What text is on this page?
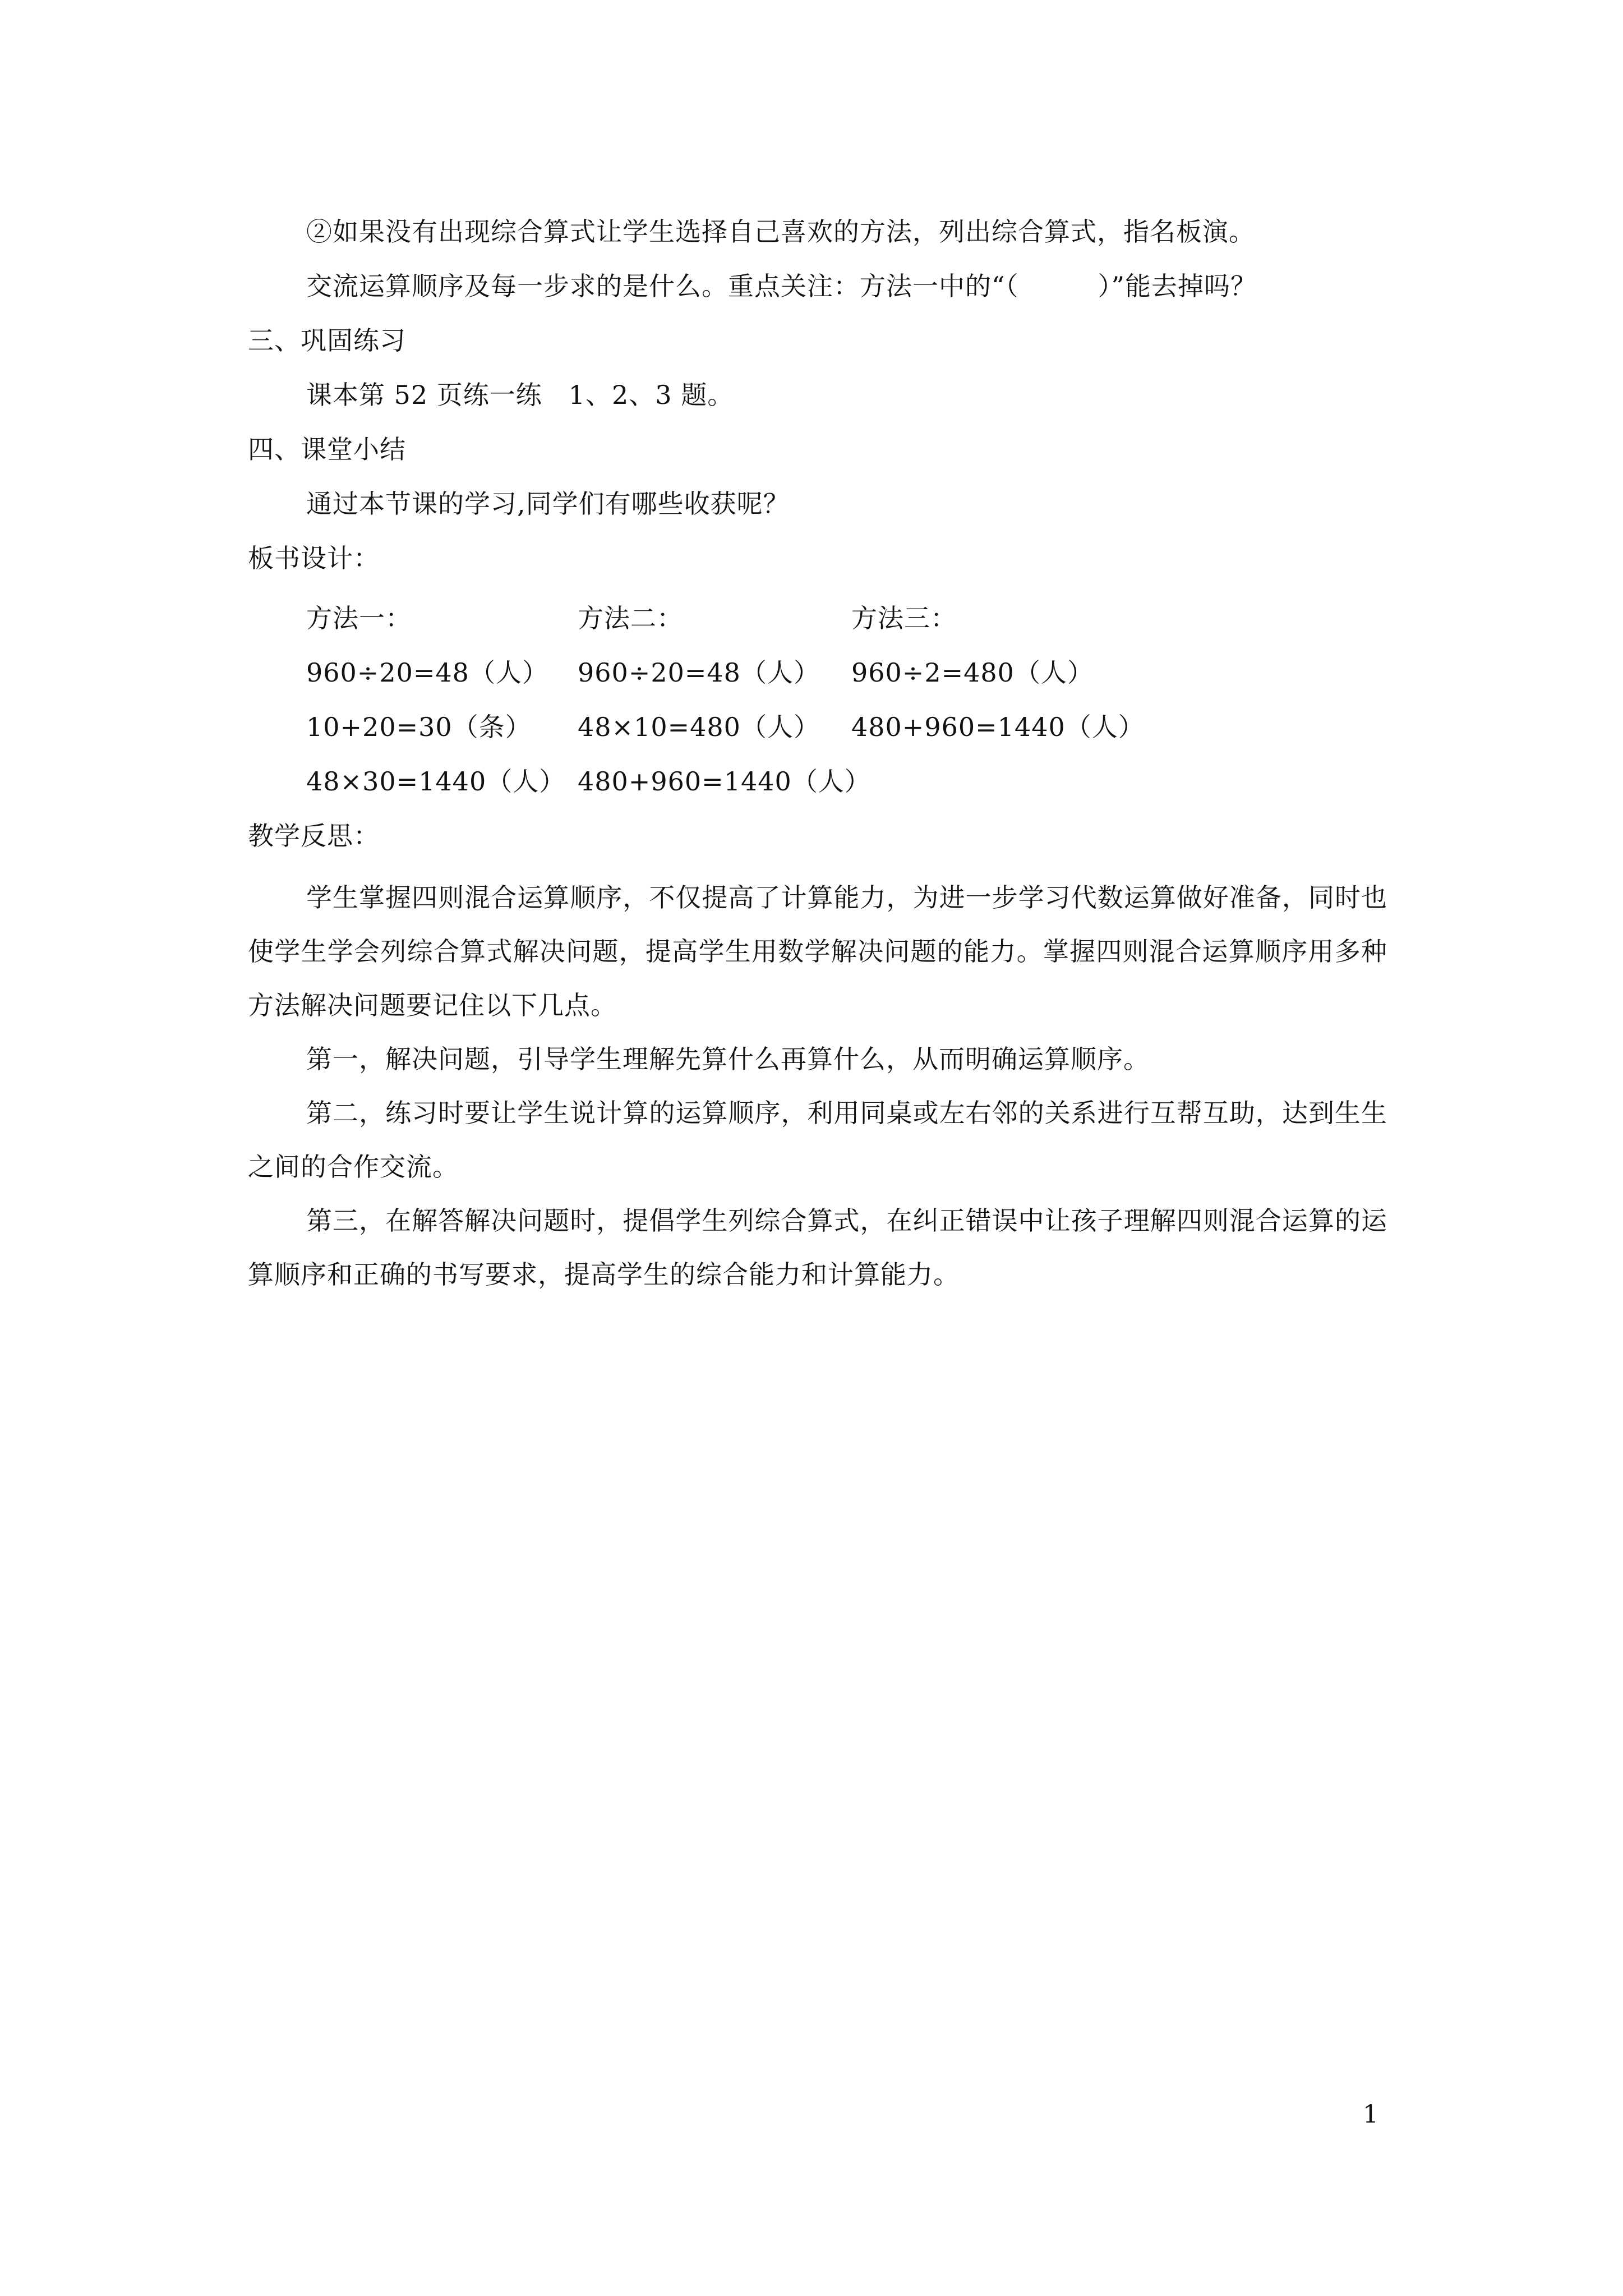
②如果没有出现综合算式让学生选择自己喜欢的方法，列出综合算式，指名板演。
交流运算顺序及每一步求的是什么。重点关注：方法一中的“（　　　）”能去掉吗？
三、巩固练习
课本第 52 页练一练　1、2、3 题。
四、课堂小结
通过本节课的学习,同学们有哪些收获呢？
板书设计：
方法一：	方法二：	方法三：
960÷20=48（人） 960÷20=48（人） 960÷2=480（人）
10+20=30（条） 48×10=480（人） 480+960=1440（人）
48×30=1440（人） 480+960=1440（人）
教学反思：
学生掌握四则混合运算顺序，不仅提高了计算能力，为进一步学习代数运算做好准备，同时也使学生学会列综合算式解决问题，提高学生用数学解决问题的能力。掌握四则混合运算顺序用多种方法解决问题要记住以下几点。
第一，解决问题，引导学生理解先算什么再算什么，从而明确运算顺序。
第二，练习时要让学生说计算的运算顺序，利用同桌或左右邻的关系进行互帮互助，达到生生之间的合作交流。
第三，在解答解决问题时，提倡学生列综合算式，在纠正错误中让孩子理解四则混合运算的运算顺序和正确的书写要求，提高学生的综合能力和计算能力。
1
